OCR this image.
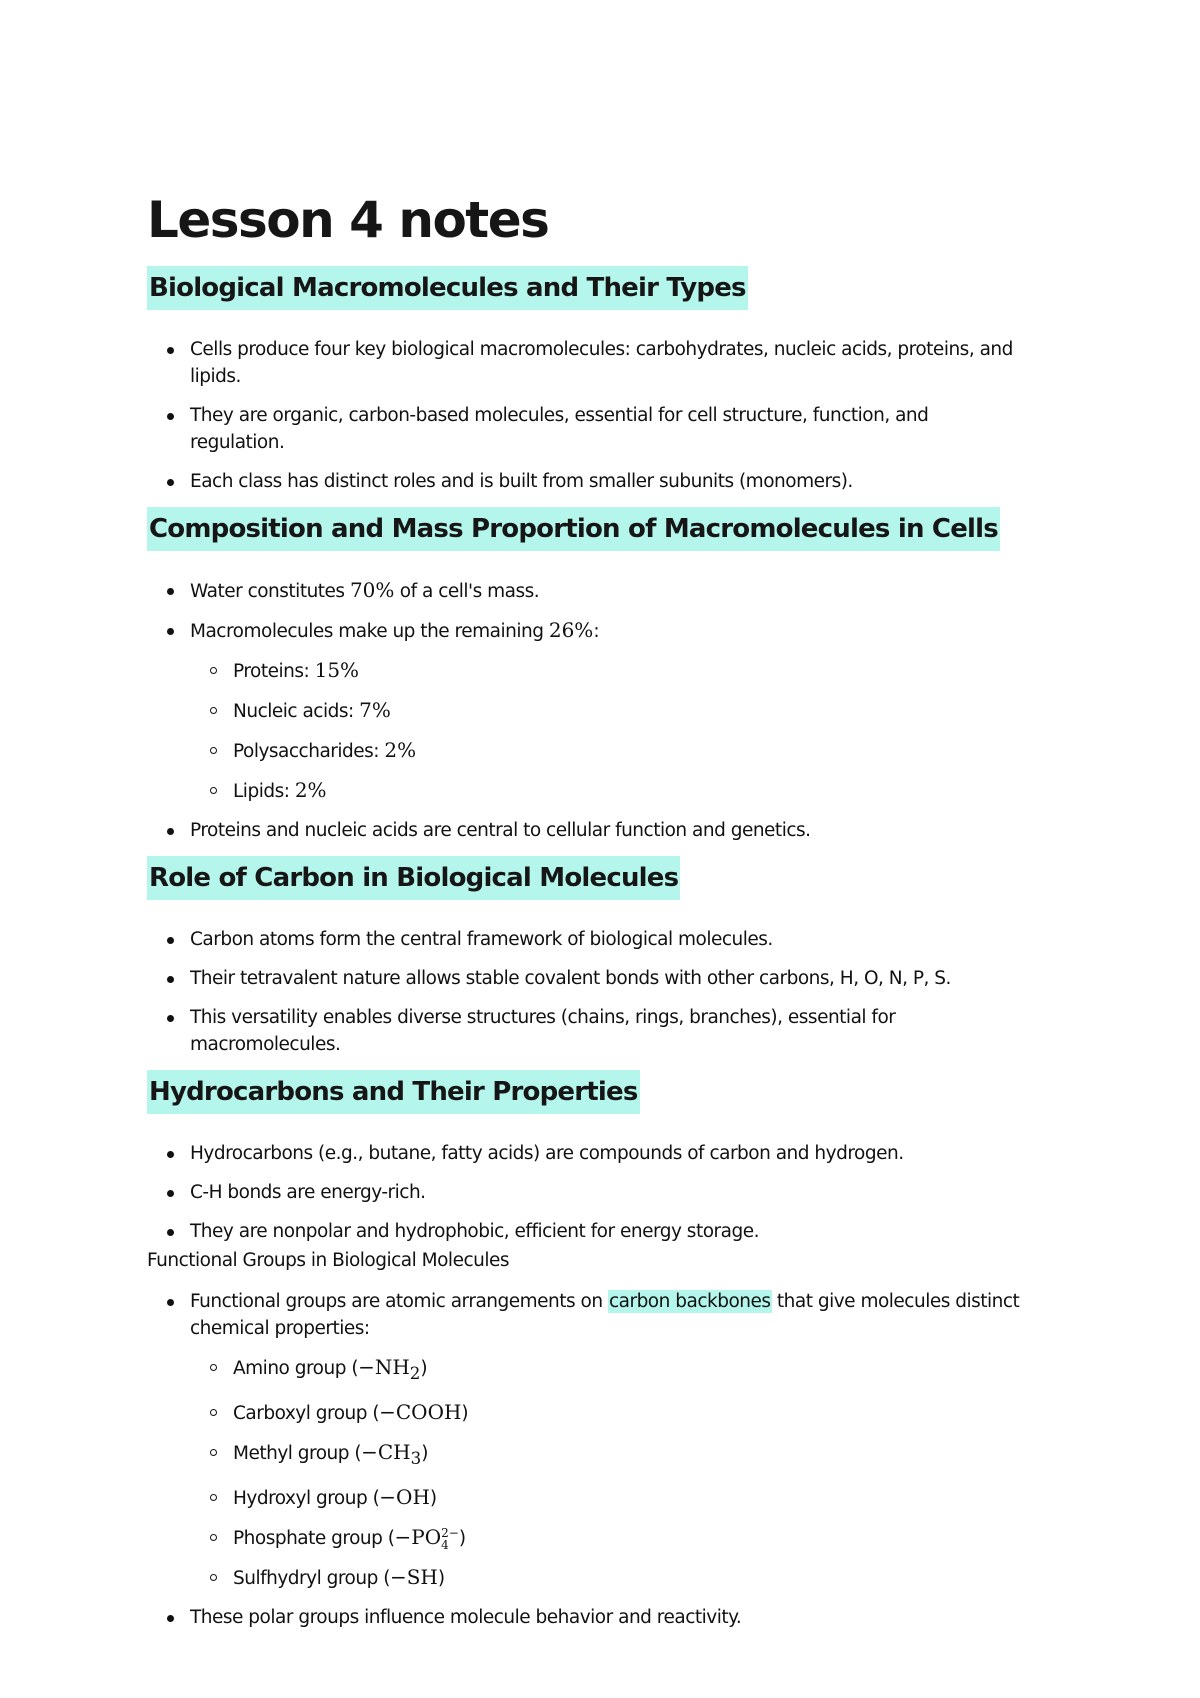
Lesson 4 notes
Biological Macromolecules and Their Types
Cells produce four key biological macromolecules: carbohydrates, nucleic acids, proteins, and lipids.
They are organic, carbon-based molecules, essential for cell structure, function, and regulation.
Each class has distinct roles and is built from smaller subunits (monomers).
Composition and Mass Proportion of Macromolecules in Cells
Water constitutes 70% of a cell's mass.
Macromolecules make up the remaining 26%:
Proteins: 15%
Nucleic acids: 7%
Polysaccharides: 2%
Lipids: 2%
Proteins and nucleic acids are central to cellular function and genetics.
Role of Carbon in Biological Molecules
Carbon atoms form the central framework of biological molecules.
Their tetravalent nature allows stable covalent bonds with other carbons, H, O, N, P, S.
This versatility enables diverse structures (chains, rings, branches), essential for macromolecules.
Hydrocarbons and Their Properties
Hydrocarbons (e.g., butane, fatty acids) are compounds of carbon and hydrogen.
C-H bonds are energy-rich.
They are nonpolar and hydrophobic, efficient for energy storage.

Functional Groups in Biological Molecules

Functional groups are atomic arrangements on carbon backbones that give molecules distinct chemical properties:
Amino group $(-NH_2)$
Carboxyl group (−COOH)
Methyl group $(-CH_3)$
Hydroxyl group (−OH)
Phosphate group (−PO 2−
4 )
Sulfhydryl group (−SH)
These polar groups influence molecule behavior and reactivity.
